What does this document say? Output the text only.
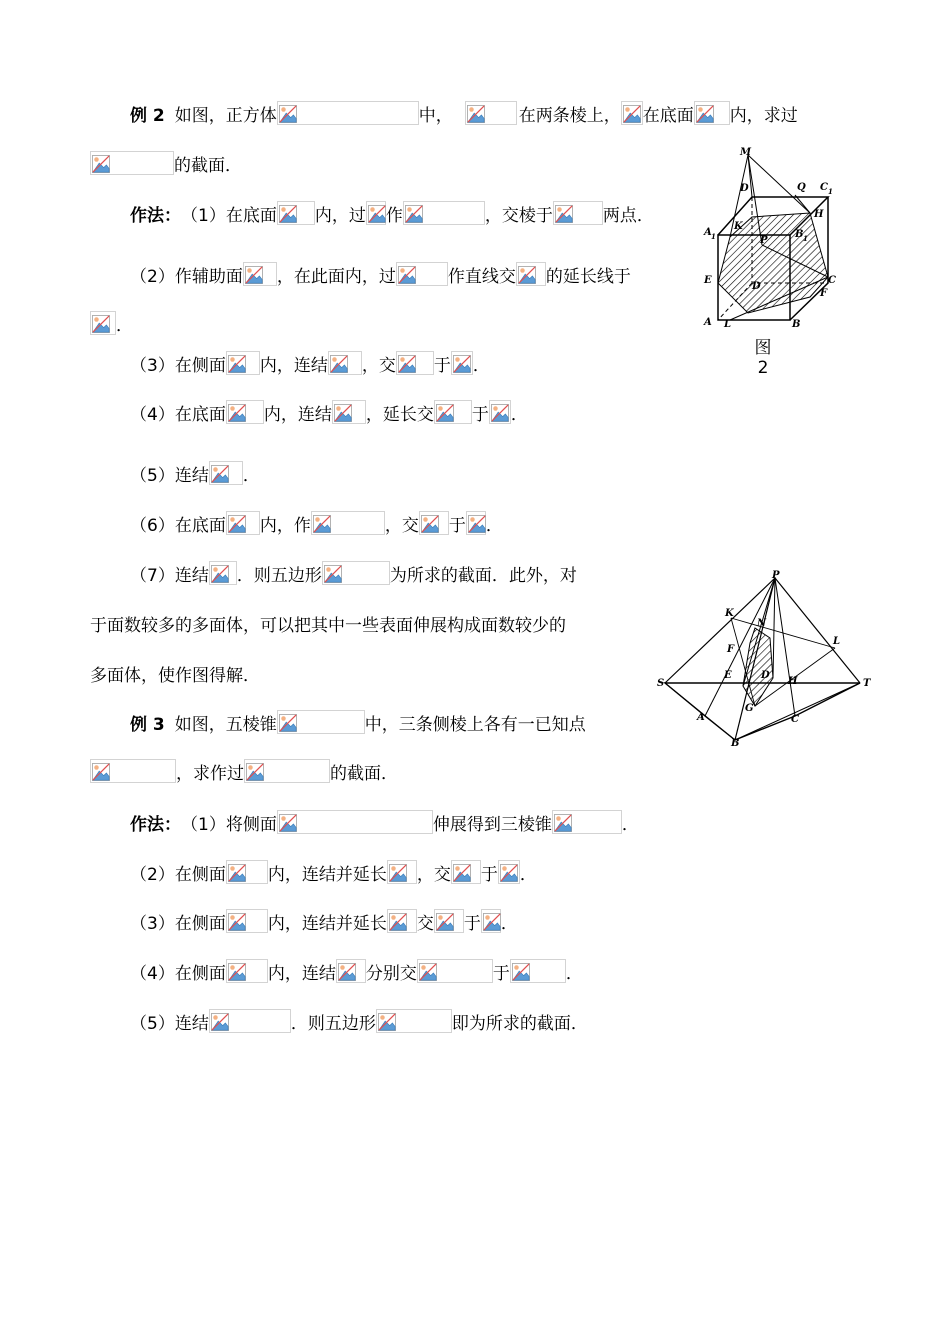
例 2 如图，正方体	中，	在两条棱上， 在底面 内，求过
的截面．
作法： （1）在底面 内，过 作	，交棱于	两点．
（2）作辅助面 ，在此面内，过	作直线交 的延长线于
．
（3）在侧面 内，连结 ，交 于 ．
（4）在底面 内，连结 ，延长交 于 ．
（5）连结 ．
（6）在底面 内，作	，交 于 ．
（7）连结 ．则五边形	为所求的截面．此外，对
于面数较多的多面体，可以把其中一些表面伸展构成面数较少的
多面体，使作图得解．
例 3 如图，五棱锥	中，三条侧棱上各有一已知点
，求作过	的截面．
作法： （1）将侧面	伸展得到三棱锥	．
（2）在侧面 内，连结并延长 ，交 于 ．
（3）在侧面 内，连结并延长 交 于 ．
（4）在侧面 内，连结 分别交	于	．
（5）连结	．则五边形	即为所求的截面．
M
D	Q C 1
A 1
K
H
P
B 1
E
D
C
F
A L	B
图
2
P
K
N
L
F
S
E	D
H	T
A
G
C
B
